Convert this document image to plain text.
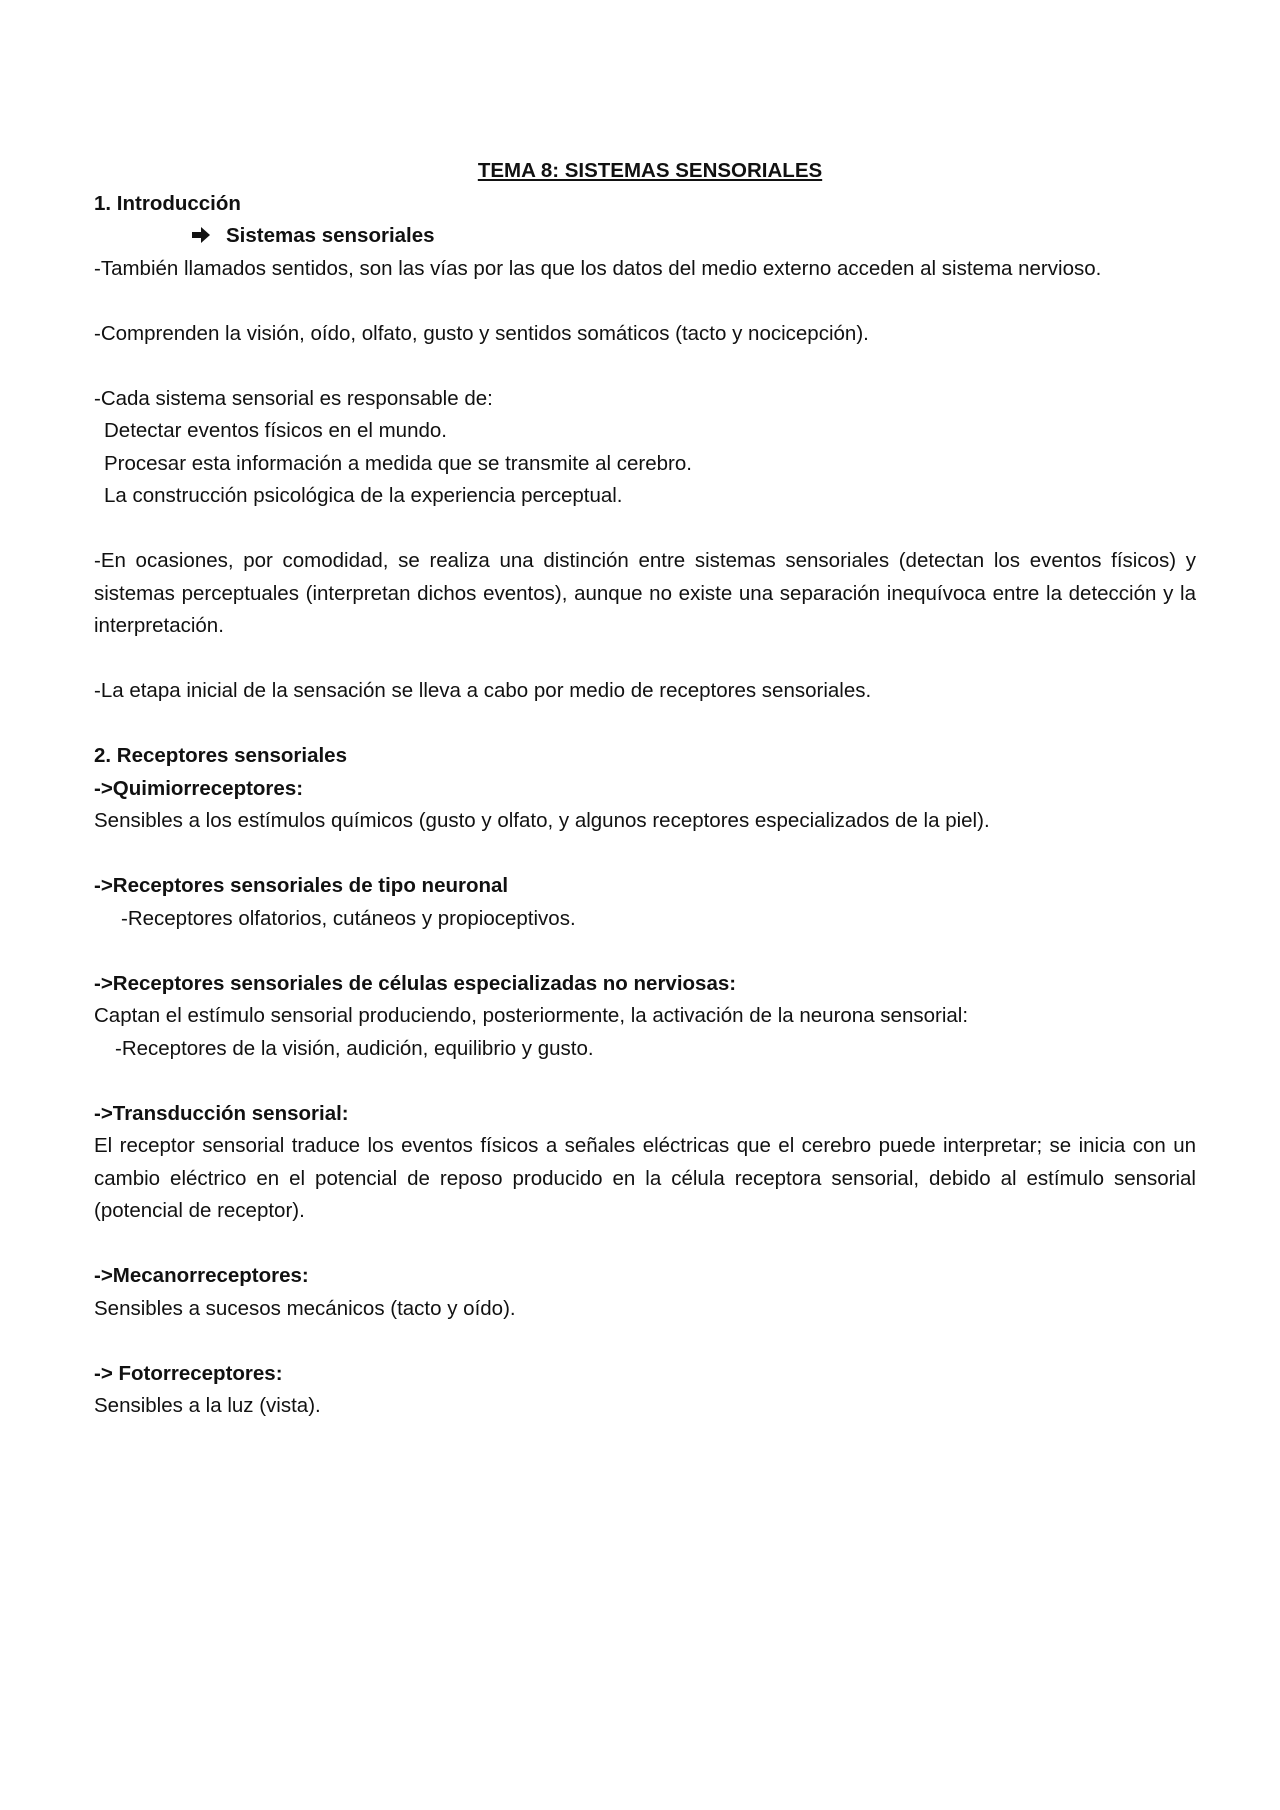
TEMA 8: SISTEMAS SENSORIALES
1. Introducción
Sistemas sensoriales
-También llamados sentidos, son las vías por las que los datos del medio externo acceden al sistema nervioso.
-Comprenden la visión, oído, olfato, gusto y sentidos somáticos (tacto y nocicepción).
-Cada sistema sensorial es responsable de:
Detectar eventos físicos en el mundo.
Procesar esta información a medida que se transmite al cerebro.
La construcción psicológica de la experiencia perceptual.
-En ocasiones, por comodidad, se realiza una distinción entre sistemas sensoriales (detectan los eventos físicos) y sistemas perceptuales (interpretan dichos eventos), aunque no existe una separación inequívoca entre la detección y la interpretación.
-La etapa inicial de la sensación se lleva a cabo por medio de receptores sensoriales.
2. Receptores sensoriales
->Quimiorreceptores:
Sensibles a los estímulos químicos (gusto y olfato, y algunos receptores especializados de la piel).
->Receptores sensoriales de tipo neuronal
-Receptores olfatorios, cutáneos y propioceptivos.
->Receptores sensoriales de células especializadas no nerviosas:
Captan el estímulo sensorial produciendo, posteriormente, la activación de la neurona sensorial:
-Receptores de la visión, audición, equilibrio y gusto.
->Transducción sensorial:
El receptor sensorial traduce los eventos físicos a señales eléctricas que el cerebro puede interpretar; se inicia con un cambio eléctrico en el potencial de reposo producido en la célula receptora sensorial, debido al estímulo sensorial (potencial de receptor).
->Mecanorreceptores:
Sensibles a sucesos mecánicos (tacto y oído).
-> Fotorreceptores:
Sensibles a la luz (vista).
